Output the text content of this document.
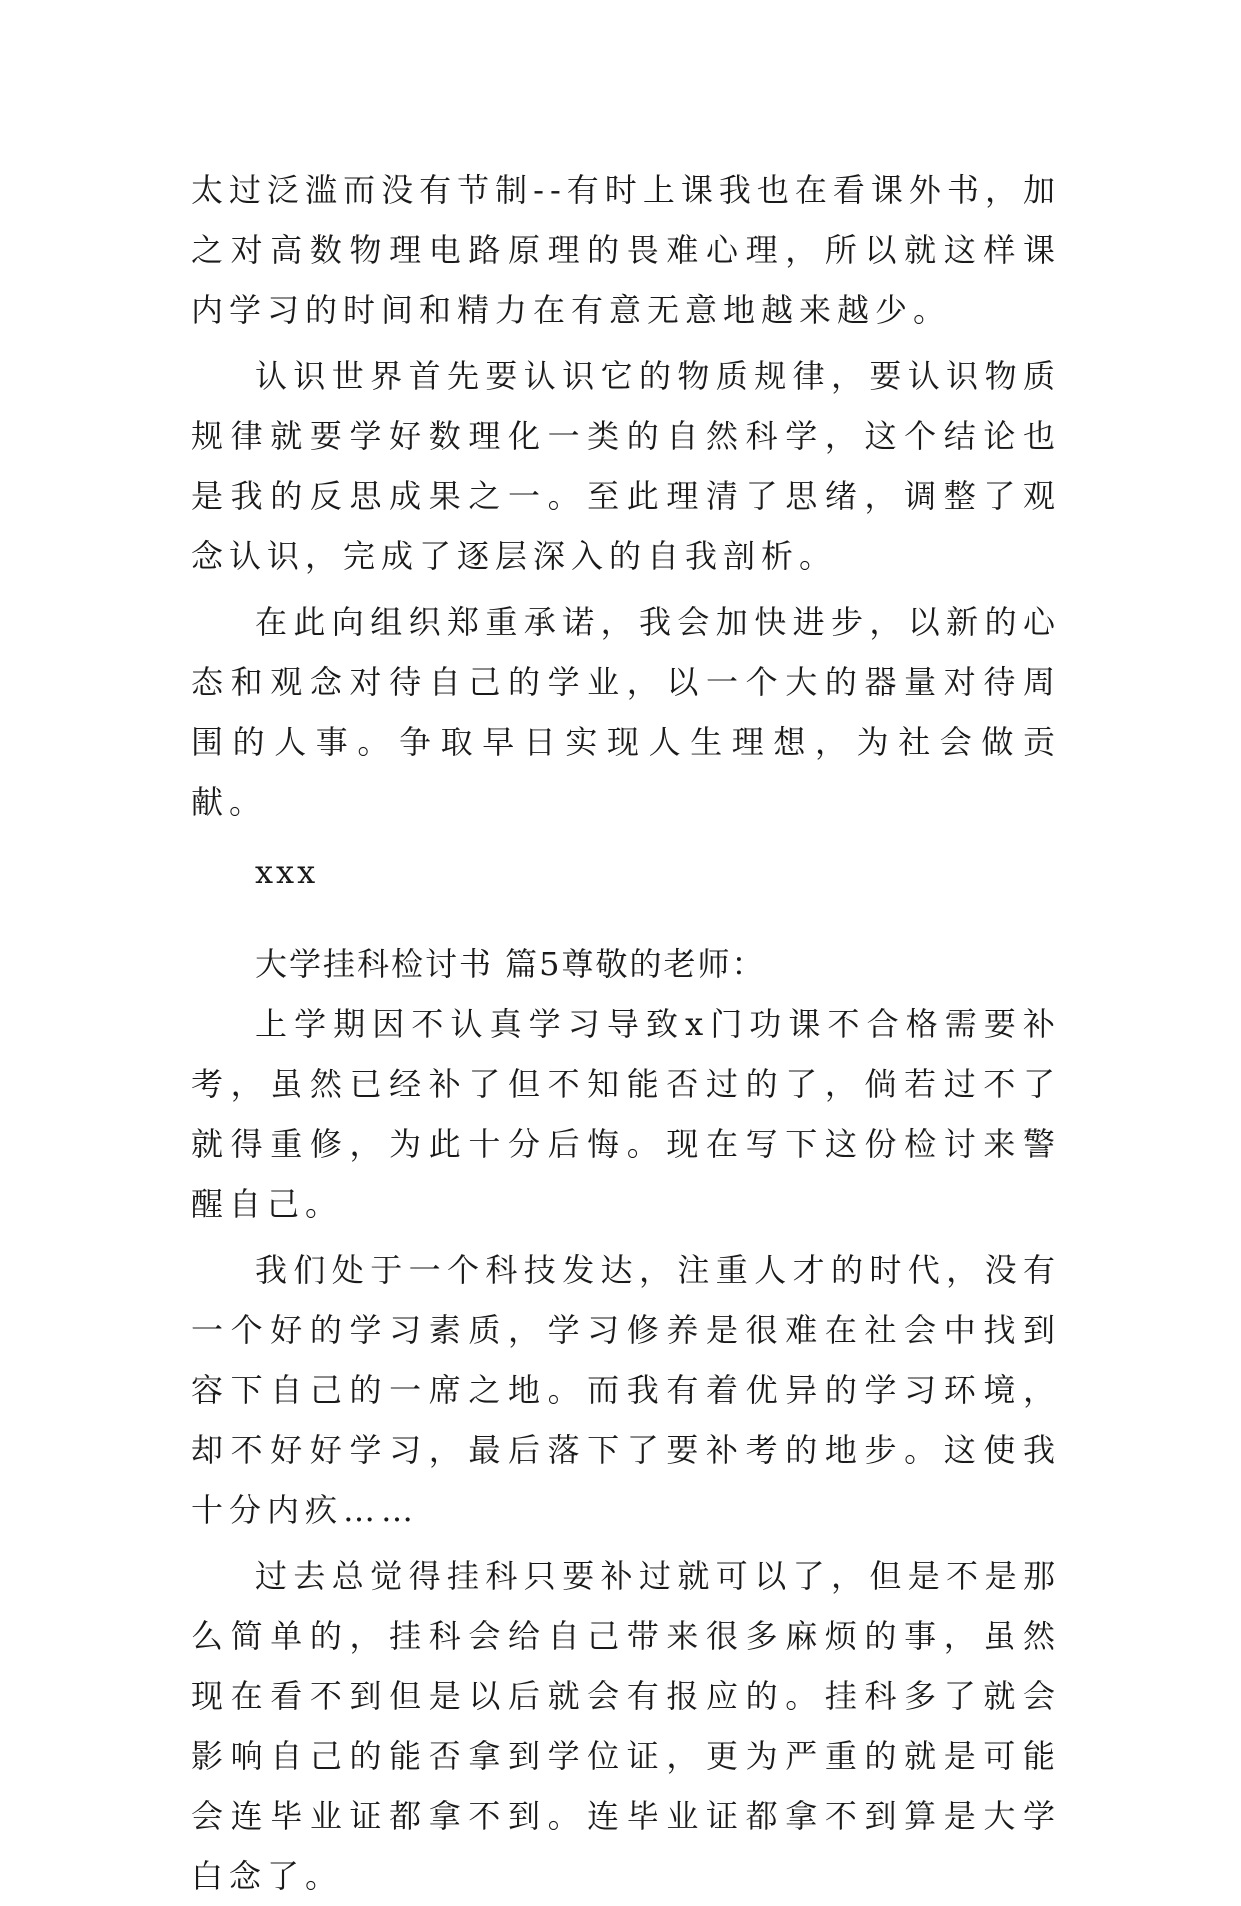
太过泛滥而没有节制--有时上课我也在看课外书，加之对高数物理电路原理的畏难心理，所以就这样课内学习的时间和精力在有意无意地越来越少。

认识世界首先要认识它的物质规律，要认识物质规律就要学好数理化一类的自然科学，这个结论也是我的反思成果之一。至此理清了思绪，调整了观念认识，完成了逐层深入的自我剖析。

在此向组织郑重承诺，我会加快进步，以新的心态和观念对待自己的学业，以一个大的器量对待周围的人事。争取早日实现人生理想，为社会做贡献。

xxx

大学挂科检讨书 篇5尊敬的老师：

上学期因不认真学习导致x门功课不合格需要补考，虽然已经补了但不知能否过的了，倘若过不了就得重修，为此十分后悔。现在写下这份检讨来警醒自己。

我们处于一个科技发达，注重人才的时代，没有一个好的学习素质，学习修养是很难在社会中找到容下自己的一席之地。而我有着优异的学习环境，却不好好学习，最后落下了要补考的地步。这使我十分内疚……

过去总觉得挂科只要补过就可以了，但是不是那么简单的，挂科会给自己带来很多麻烦的事，虽然现在看不到但是以后就会有报应的。挂科多了就会影响自己的能否拿到学位证，更为严重的就是可能会连毕业证都拿不到。连毕业证都拿不到算是大学白念了。
